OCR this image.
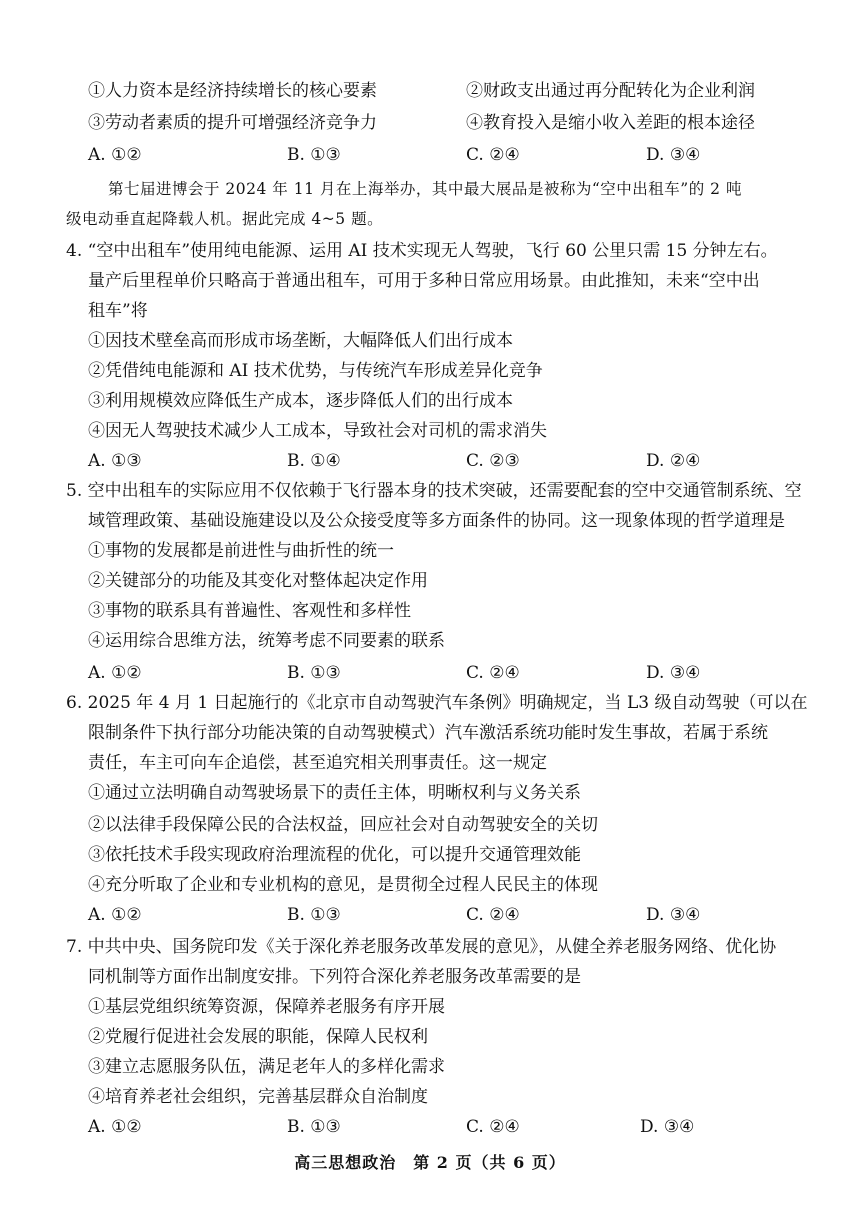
①人力资本是经济持续增长的核心要素	②财政支出通过再分配转化为企业利润
③劳动者素质的提升可增强经济竞争力	④教育投入是缩小收入差距的根本途径
A. ①②	B. ①③	C. ②④	D. ③④
第七届进博会于 2024 年 11 月在上海举办，其中最大展品是被称为“空中出租车”的 2 吨
级电动垂直起降载人机。据此完成 4~5 题。
4. “空中出租车”使用纯电能源、运用 AI 技术实现无人驾驶，飞行 60 公里只需 15 分钟左右。
量产后里程单价只略高于普通出租车，可用于多种日常应用场景。由此推知，未来“空中出
租车”将
①因技术壁垒高而形成市场垄断，大幅降低人们出行成本
②凭借纯电能源和 AI 技术优势，与传统汽车形成差异化竞争
③利用规模效应降低生产成本，逐步降低人们的出行成本
④因无人驾驶技术减少人工成本，导致社会对司机的需求消失
A. ①③	B. ①④	C. ②③	D. ②④
5. 空中出租车的实际应用不仅依赖于飞行器本身的技术突破，还需要配套的空中交通管制系统、空
域管理政策、基础设施建设以及公众接受度等多方面条件的协同。这一现象体现的哲学道理是
①事物的发展都是前进性与曲折性的统一
②关键部分的功能及其变化对整体起决定作用
③事物的联系具有普遍性、客观性和多样性
④运用综合思维方法，统筹考虑不同要素的联系
A. ①②	B. ①③	C. ②④	D. ③④
6. 2025 年 4 月 1 日起施行的《北京市自动驾驶汽车条例》明确规定，当 L3 级自动驾驶（可以在
限制条件下执行部分功能决策的自动驾驶模式）汽车激活系统功能时发生事故，若属于系统
责任，车主可向车企追偿，甚至追究相关刑事责任。这一规定
①通过立法明确自动驾驶场景下的责任主体，明晰权利与义务关系
②以法律手段保障公民的合法权益，回应社会对自动驾驶安全的关切
③依托技术手段实现政府治理流程的优化，可以提升交通管理效能
④充分听取了企业和专业机构的意见，是贯彻全过程人民民主的体现
A. ①②	B. ①③	C. ②④	D. ③④
7. 中共中央、国务院印发《关于深化养老服务改革发展的意见》，从健全养老服务网络、优化协
同机制等方面作出制度安排。下列符合深化养老服务改革需要的是
①基层党组织统筹资源，保障养老服务有序开展
②党履行促进社会发展的职能，保障人民权利
③建立志愿服务队伍，满足老年人的多样化需求
④培育养老社会组织，完善基层群众自治制度
A. ①②	B. ①③	C. ②④	D. ③④
高三思想政治　第 2 页（共 6 页）
